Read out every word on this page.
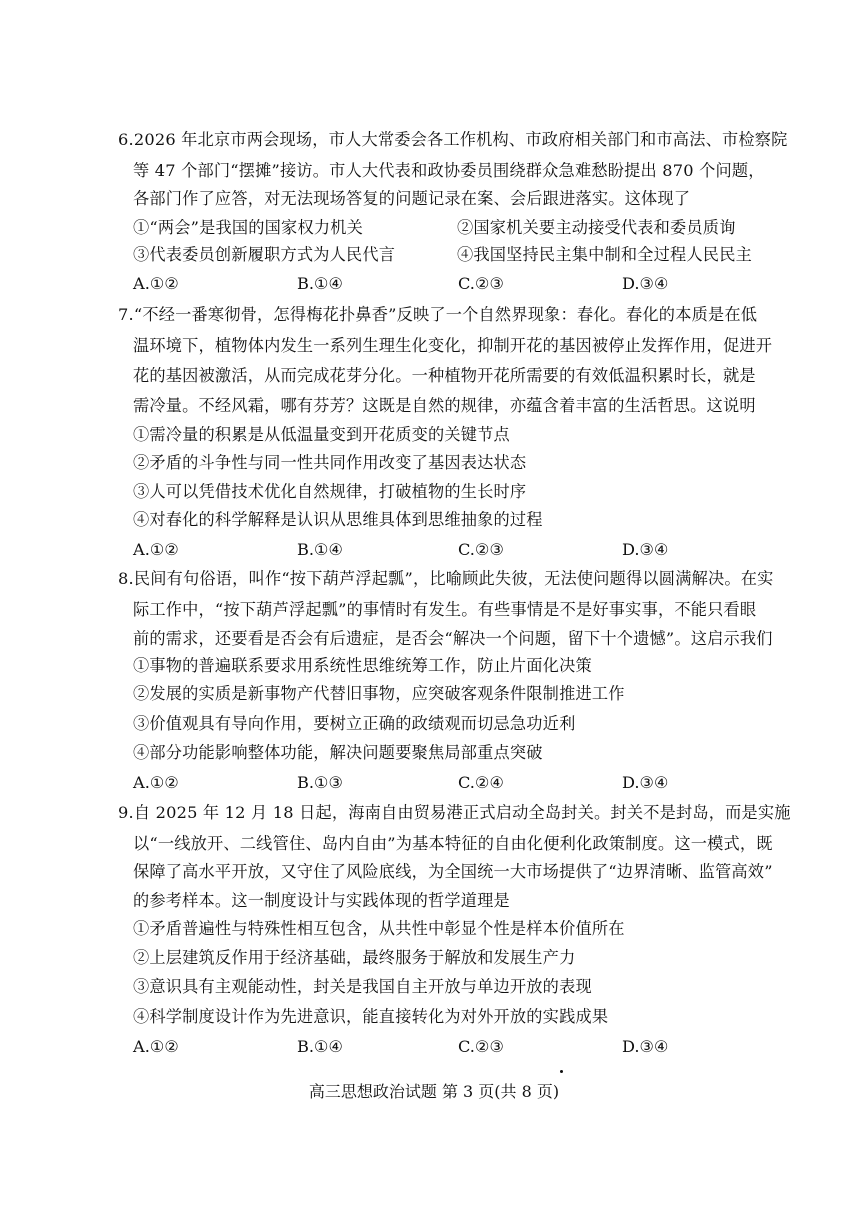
6.2026 年北京市两会现场，市人大常委会各工作机构、市政府相关部门和市高法、市检察院
等 47 个部门“摆摊”接访。市人大代表和政协委员围绕群众急难愁盼提出 870 个问题，
各部门作了应答，对无法现场答复的问题记录在案、会后跟进落实。这体现了
①“两会”是我国的国家权力机关	②国家机关要主动接受代表和委员质询
③代表委员创新履职方式为人民代言	④我国坚持民主集中制和全过程人民民主
A.①②	B.①④	C.②③	D.③④
7.“不经一番寒彻骨，怎得梅花扑鼻香”反映了一个自然界现象：春化。春化的本质是在低
温环境下，植物体内发生一系列生理生化变化，抑制开花的基因被停止发挥作用，促进开
花的基因被激活，从而完成花芽分化。一种植物开花所需要的有效低温积累时长，就是
需冷量。不经风霜，哪有芬芳？这既是自然的规律，亦蕴含着丰富的生活哲思。这说明
①需冷量的积累是从低温量变到开花质变的关键节点
②矛盾的斗争性与同一性共同作用改变了基因表达状态
③人可以凭借技术优化自然规律，打破植物的生长时序
④对春化的科学解释是认识从思维具体到思维抽象的过程
A.①②	B.①④	C.②③	D.③④
8.民间有句俗语，叫作“按下葫芦浮起瓢”，比喻顾此失彼，无法使问题得以圆满解决。在实
际工作中，“按下葫芦浮起瓢”的事情时有发生。有些事情是不是好事实事，不能只看眼
前的需求，还要看是否会有后遗症，是否会“解决一个问题，留下十个遗憾”。这启示我们
①事物的普遍联系要求用系统性思维统筹工作，防止片面化决策
②发展的实质是新事物产代替旧事物，应突破客观条件限制推进工作
③价值观具有导向作用，要树立正确的政绩观而切忌急功近利
④部分功能影响整体功能，解决问题要聚焦局部重点突破
A.①②	B.①③	C.②④	D.③④
9.自 2025 年 12 月 18 日起，海南自由贸易港正式启动全岛封关。封关不是封岛，而是实施
以“一线放开、二线管住、岛内自由”为基本特征的自由化便利化政策制度。这一模式，既
保障了高水平开放，又守住了风险底线，为全国统一大市场提供了“边界清晰、监管高效”
的参考样本。这一制度设计与实践体现的哲学道理是
①矛盾普遍性与特殊性相互包含，从共性中彰显个性是样本价值所在
②上层建筑反作用于经济基础，最终服务于解放和发展生产力
③意识具有主观能动性，封关是我国自主开放与单边开放的表现
④科学制度设计作为先进意识，能直接转化为对外开放的实践成果
A.①②	B.①④	C.②③	D.③④
高三思想政治试题 第 3 页(共 8 页)
